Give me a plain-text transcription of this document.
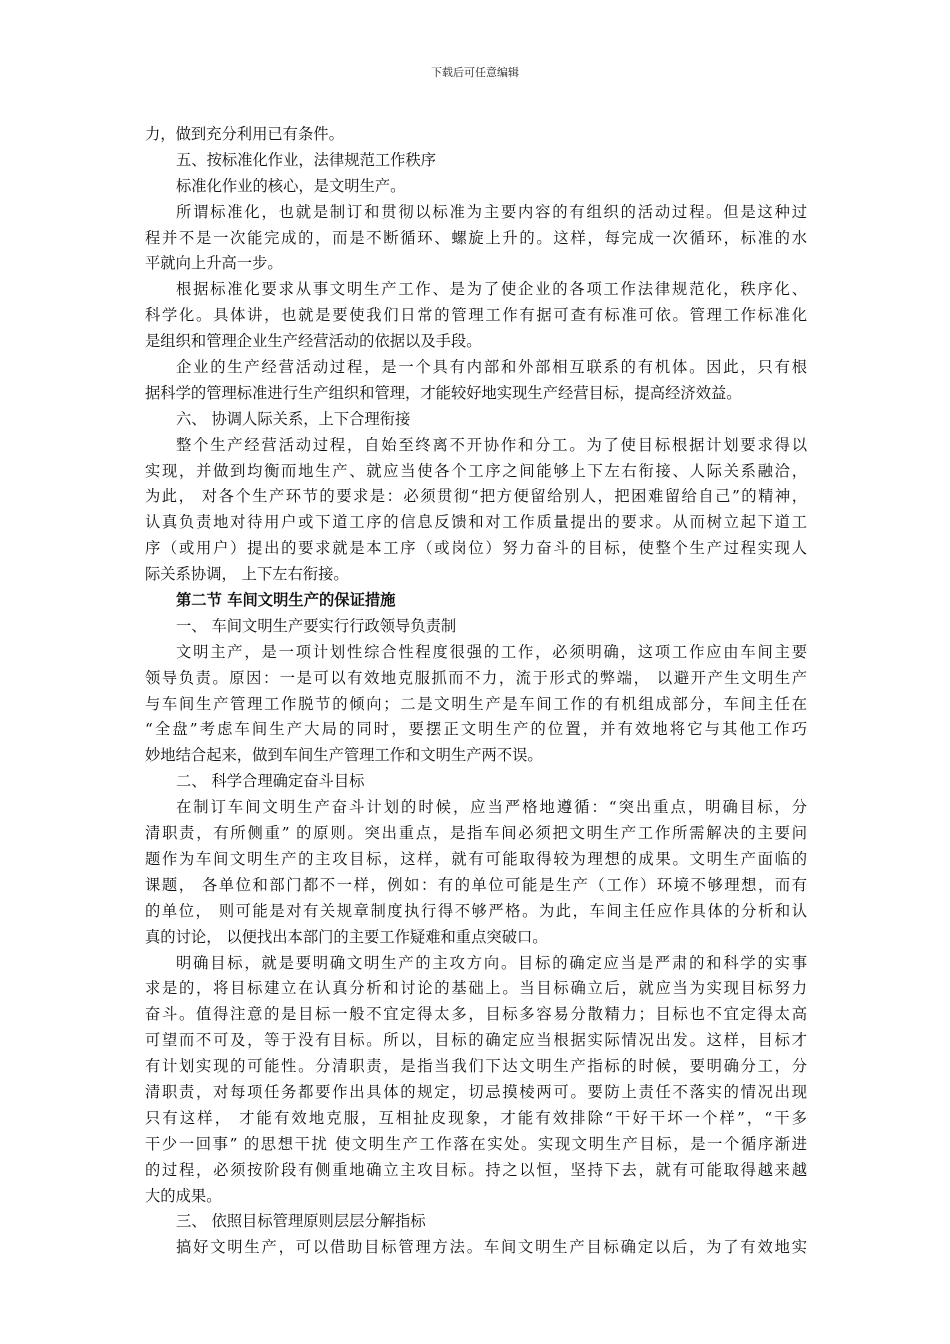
下载后可任意编辑
力，做到充分利用已有条件。
五、按标准化作业，法律规范工作秩序
标准化作业的核心，是文明生产。
所谓标准化，也就是制订和贯彻以标准为主要内容的有组织的活动过程。但是这种过
程并不是一次能完成的，而是不断循环、螺旋上升的。这样，每完成一次循环，标准的水
平就向上升高一步。
根据标准化要求从事文明生产工作、是为了使企业的各项工作法律规范化，秩序化、
科学化。具体讲，也就是要使我们日常的管理工作有据可查有标准可依。管理工作标准化
是组织和管理企业生产经营活动的依据以及手段。
企业的生产经营活动过程，是一个具有内部和外部相互联系的有机体。因此，只有根
据科学的管理标准进行生产组织和管理，才能较好地实现生产经营目标，提高经济效益。
六、 协调人际关系，上下合理衔接
整个生产经营活动过程，自始至终离不开协作和分工。为了使目标根据计划要求得以
实现，并做到均衡而地生产、就应当使各个工序之间能够上下左右衔接、人际关系融洽，
为此， 对各个生产环节的要求是：必须贯彻“把方便留给别人，把困难留给自己”的精神，
认真负责地对待用户或下道工序的信息反馈和对工作质量提出的要求。从而树立起下道工
序（或用户）提出的要求就是本工序（或岗位）努力奋斗的目标，使整个生产过程实现人
际关系协调， 上下左右衔接。
第二节 车间文明生产的保证措施
一、 车间文明生产要实行行政领导负责制
文明主产，是一项计划性综合性程度很强的工作，必须明确，这项工作应由车间主要
领导负责。原因：一是可以有效地克服抓而不力，流于形式的弊端， 以避开产生文明生产
与车间生产管理工作脱节的倾向；二是文明生产是车间工作的有机组成部分，车间主任在
“全盘”考虑车间生产大局的同时，要摆正文明生产的位置，并有效地将它与其他工作巧
妙地结合起来，做到车间生产管理工作和文明生产两不误。
二、 科学合理确定奋斗目标
在制订车间文明生产奋斗计划的时候，应当严格地遵循：“突出重点，明确目标，分
清职责，有所侧重” 的原则。突出重点，是指车间必须把文明生产工作所需解决的主要问
题作为车间文明生产的主攻目标，这样，就有可能取得较为理想的成果。文明生产面临的
课题， 各单位和部门都不一样，例如：有的单位可能是生产（工作）环境不够理想，而有
的单位， 则可能是对有关规章制度执行得不够严格。为此，车间主任应作具体的分析和认
真的讨论， 以便找出本部门的主要工作疑难和重点突破口。
明确目标，就是要明确文明生产的主攻方向。目标的确定应当是严肃的和科学的实事
求是的，将目标建立在认真分析和讨论的基础上。当目标确立后，就应当为实现目标努力
奋斗。值得注意的是目标一般不宜定得太多，目标多容易分散精力；目标也不宜定得太高
可望而不可及，等于没有目标。所以，目标的确定应当根据实际情况出发。这样，目标才
有计划实现的可能性。分清职责，是指当我们下达文明生产指标的时候，要明确分工，分
清职责，对每项任务都要作出具体的规定，切忌摸棱两可。要防上责任不落实的情况出现
只有这样， 才能有效地克服，互相扯皮现象，才能有效排除“干好干坏一个样”，“干多
干少一回事” 的思想干扰 使文明生产工作落在实处。实现文明生产目标，是一个循序渐进
的过程，必须按阶段有侧重地确立主攻目标。持之以恒，坚持下去，就有可能取得越来越
大的成果。
三、 依照目标管理原则层层分解指标
搞好文明生产，可以借助目标管理方法。车间文明生产目标确定以后，为了有效地实
